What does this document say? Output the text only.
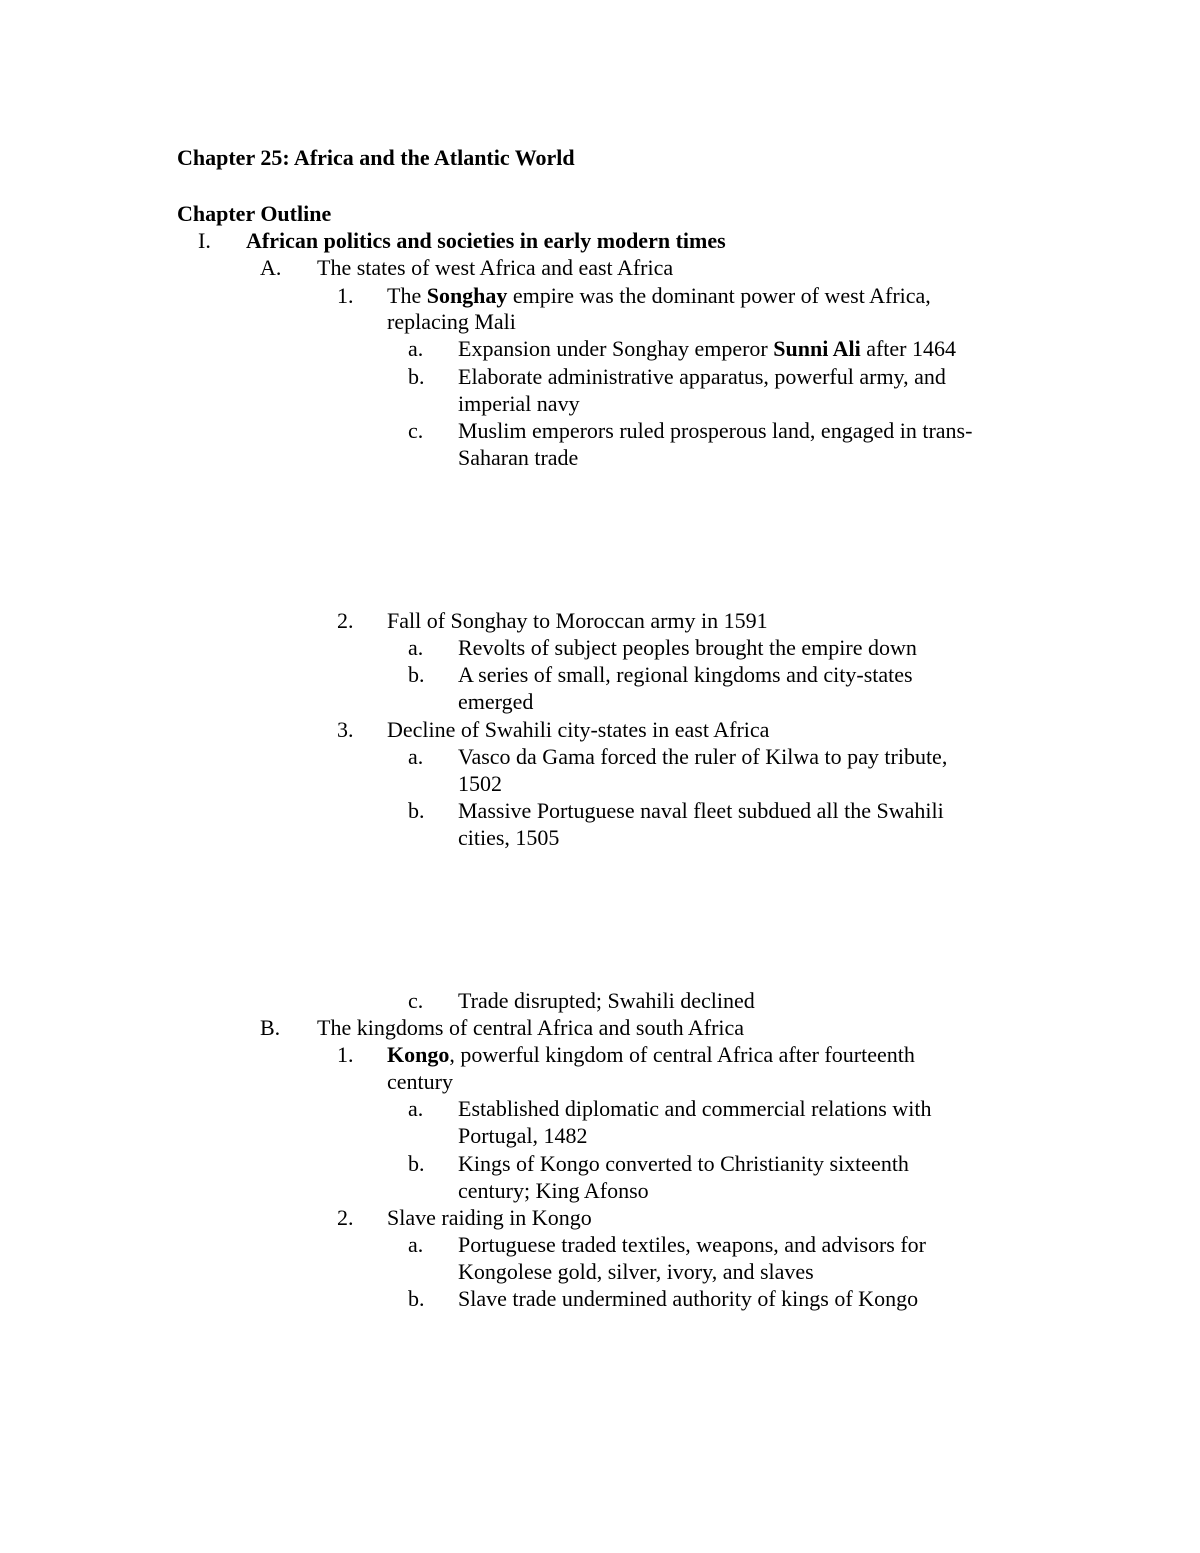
Chapter 25: Africa and the Atlantic World
Chapter Outline
I. African politics and societies in early modern times
A. The states of west Africa and east Africa
1. The Songhay empire was the dominant power of west Africa,
replacing Mali
a. Expansion under Songhay emperor Sunni Ali after 1464
b. Elaborate administrative apparatus, powerful army, and
imperial navy
c. Muslim emperors ruled prosperous land, engaged in trans-
Saharan trade
2. Fall of Songhay to Moroccan army in 1591
a. Revolts of subject peoples brought the empire down
b. A series of small, regional kingdoms and city-states
emerged
3. Decline of Swahili city-states in east Africa
a. Vasco da Gama forced the ruler of Kilwa to pay tribute,
1502
b. Massive Portuguese naval fleet subdued all the Swahili
cities, 1505
c. Trade disrupted; Swahili declined
B. The kingdoms of central Africa and south Africa
1. Kongo, powerful kingdom of central Africa after fourteenth
century
a. Established diplomatic and commercial relations with
Portugal, 1482
b. Kings of Kongo converted to Christianity sixteenth
century; King Afonso
2. Slave raiding in Kongo
a. Portuguese traded textiles, weapons, and advisors for
Kongolese gold, silver, ivory, and slaves
b. Slave trade undermined authority of kings of Kongo
